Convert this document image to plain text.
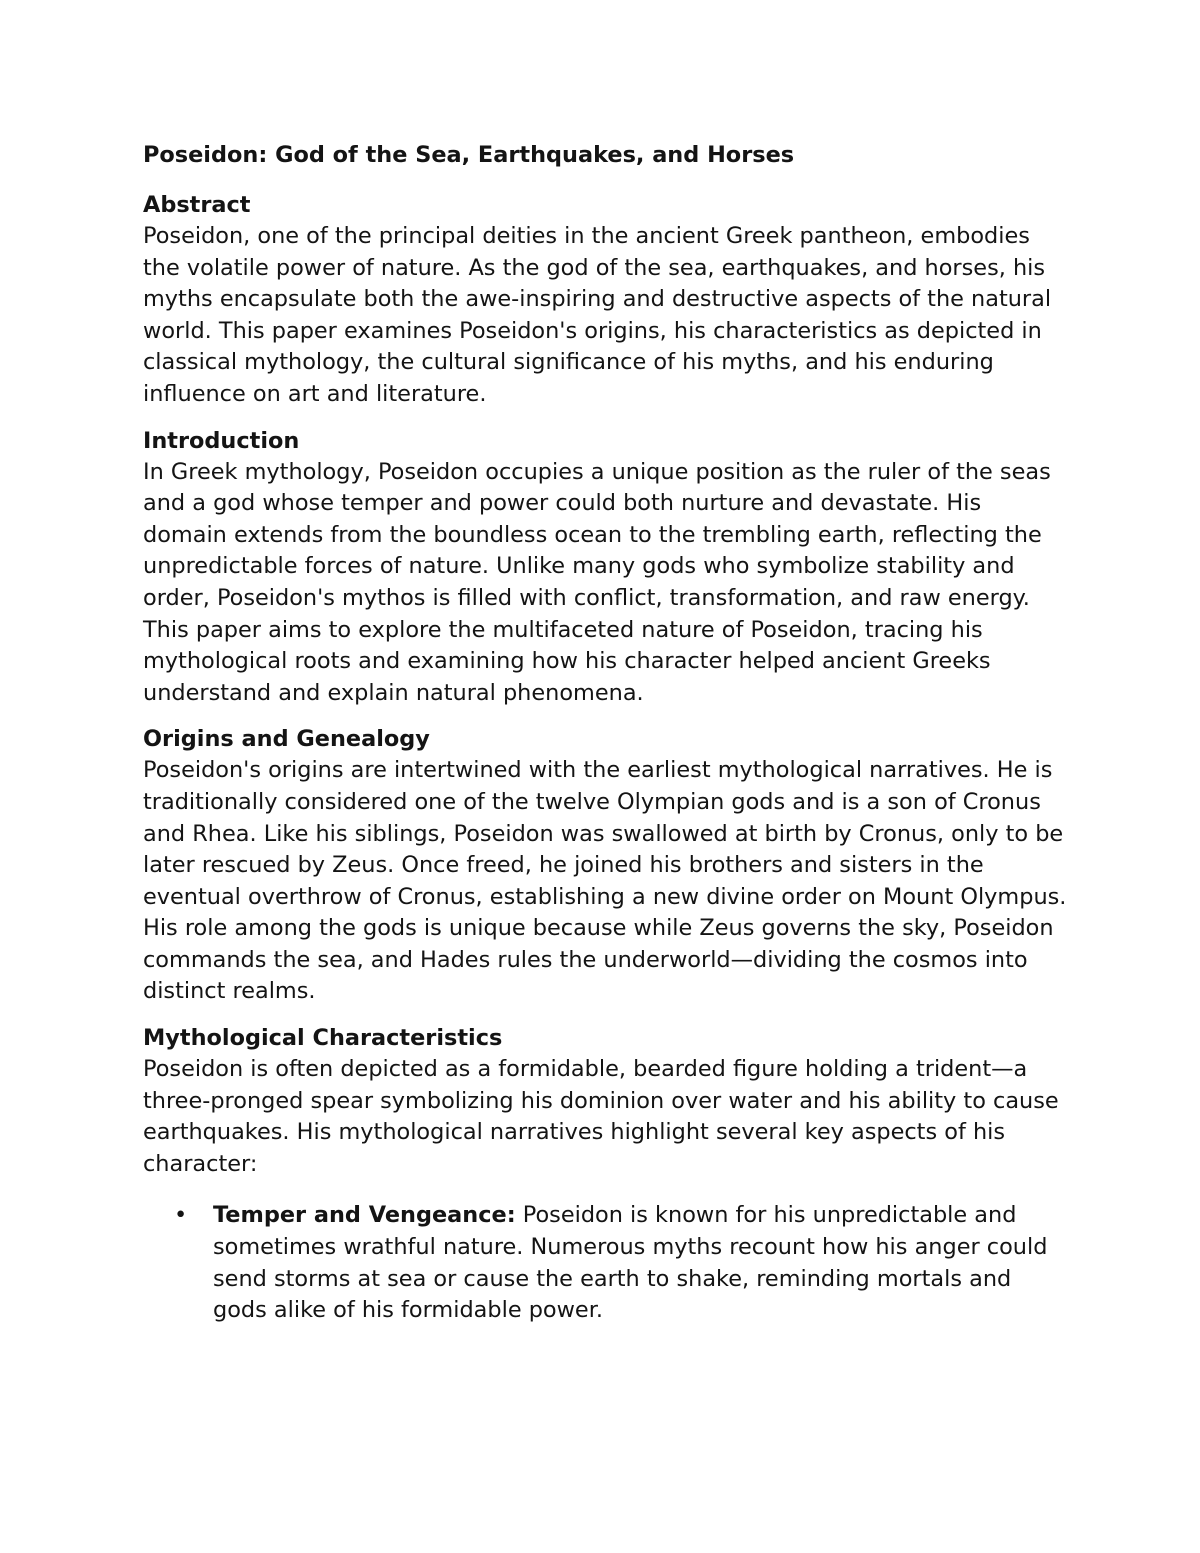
Poseidon: God of the Sea, Earthquakes, and Horses
Abstract
Poseidon, one of the principal deities in the ancient Greek pantheon, embodies the volatile power of nature. As the god of the sea, earthquakes, and horses, his myths encapsulate both the awe-inspiring and destructive aspects of the natural world. This paper examines Poseidon's origins, his characteristics as depicted in classical mythology, the cultural significance of his myths, and his enduring influence on art and literature.
Introduction
In Greek mythology, Poseidon occupies a unique position as the ruler of the seas and a god whose temper and power could both nurture and devastate. His domain extends from the boundless ocean to the trembling earth, reflecting the unpredictable forces of nature. Unlike many gods who symbolize stability and order, Poseidon's mythos is filled with conflict, transformation, and raw energy. This paper aims to explore the multifaceted nature of Poseidon, tracing his mythological roots and examining how his character helped ancient Greeks understand and explain natural phenomena.
Origins and Genealogy
Poseidon's origins are intertwined with the earliest mythological narratives. He is traditionally considered one of the twelve Olympian gods and is a son of Cronus and Rhea. Like his siblings, Poseidon was swallowed at birth by Cronus, only to be later rescued by Zeus. Once freed, he joined his brothers and sisters in the eventual overthrow of Cronus, establishing a new divine order on Mount Olympus. His role among the gods is unique because while Zeus governs the sky, Poseidon commands the sea, and Hades rules the underworld—dividing the cosmos into distinct realms.
Mythological Characteristics
Poseidon is often depicted as a formidable, bearded figure holding a trident—a three-pronged spear symbolizing his dominion over water and his ability to cause earthquakes. His mythological narratives highlight several key aspects of his character:
• Temper and Vengeance: Poseidon is known for his unpredictable and sometimes wrathful nature. Numerous myths recount how his anger could send storms at sea or cause the earth to shake, reminding mortals and gods alike of his formidable power.
